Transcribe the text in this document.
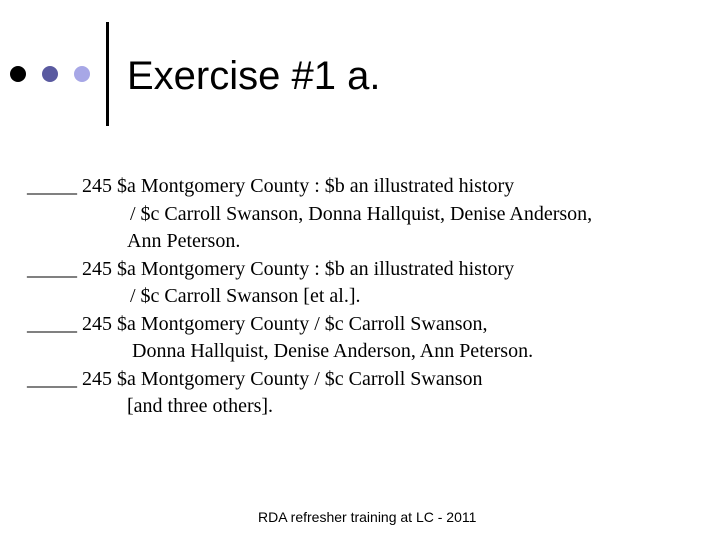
Exercise #1 a.
_____ 245 $a Montgomery County : $b an illustrated history
/ $c Carroll Swanson, Donna Hallquist, Denise Anderson,
Ann Peterson.
_____ 245 $a Montgomery County : $b an illustrated history
/ $c Carroll Swanson [et al.].
_____ 245 $a Montgomery County / $c Carroll Swanson,
Donna Hallquist, Denise Anderson, Ann Peterson.
_____ 245 $a Montgomery County / $c Carroll Swanson
[and three others].
RDA refresher training at LC - 2011
